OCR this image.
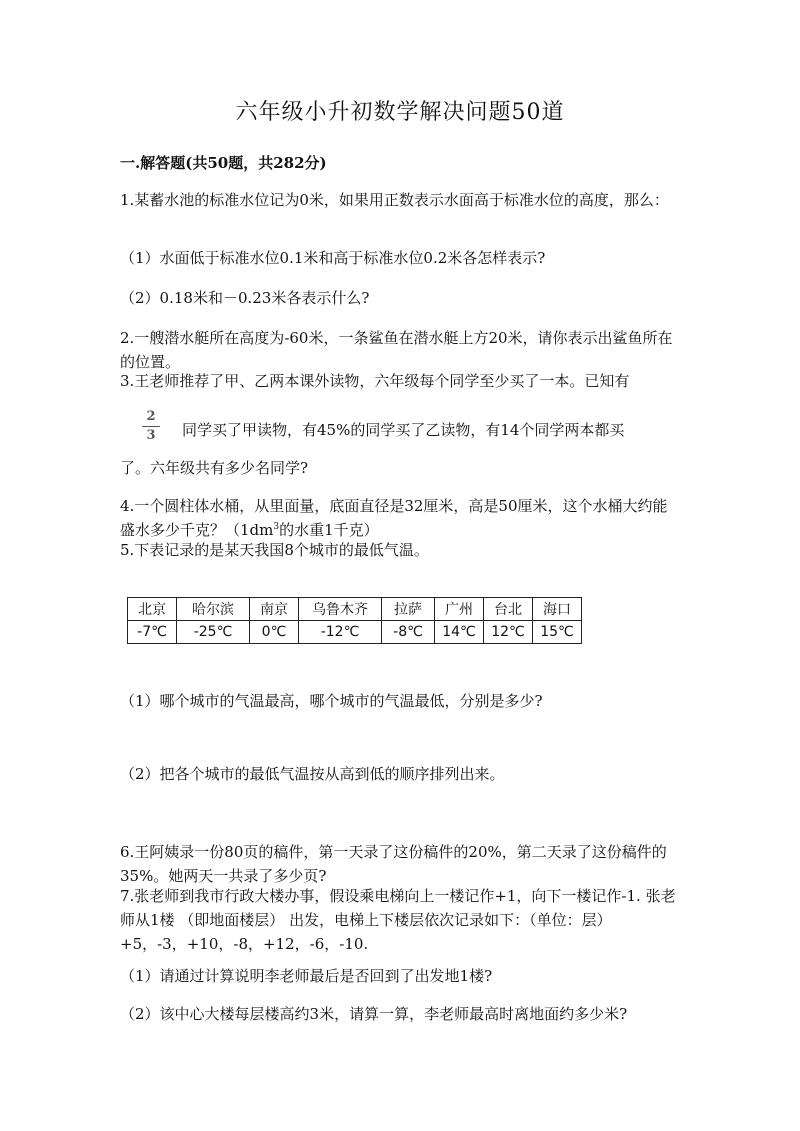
六年级小升初数学解决问题50道
一.解答题(共50题，共282分)

1.某蓄水池的标准水位记为0米，如果用正数表示水面高于标准水位的高度，那么：

（1）水面低于标准水位0.1米和高于标准水位0.2米各怎样表示?

（2）0.18米和－0.23米各表示什么?

2.一艘潜水艇所在高度为-60米，一条鲨鱼在潜水艇上方20米，请你表示出鲨鱼所在的位置。

3.王老师推荐了甲、乙两本课外读物，六年级每个同学至少买了一本。已知有

2
3	同学买了甲读物，有45%的同学买了乙读物，有14个同学两本都买

了。六年级共有多少名同学?

4.一个圆柱体水桶，从里面量，底面直径是32厘米，高是50厘米，这个水桶大约能盛水多少千克？（$1dm^3$的水重1千克）

5.下表记录的是某天我国8个城市的最低气温。

北京	哈尔滨	南京	乌鲁木齐	拉萨	广州	台北	海口
-7℃	-25℃	0℃	-12℃	-8℃	14℃	12℃	15℃

（1）哪个城市的气温最高，哪个城市的气温最低，分别是多少?

（2）把各个城市的最低气温按从高到低的顺序排列出来。

6.王阿姨录一份80页的稿件，第一天录了这份稿件的20%，第二天录了这份稿件的35%。她两天一共录了多少页?

7.张老师到我市行政大楼办事，假设乘电梯向上一楼记作+1，向下一楼记作-1. 张老师从1楼 （即地面楼层） 出发，电梯上下楼层依次记录如下：（单位：层）+5，-3，+10，-8，+12，-6，-10.

（1）请通过计算说明李老师最后是否回到了出发地1楼?

（2）该中心大楼每层楼高约3米，请算一算，李老师最高时离地面约多少米?
